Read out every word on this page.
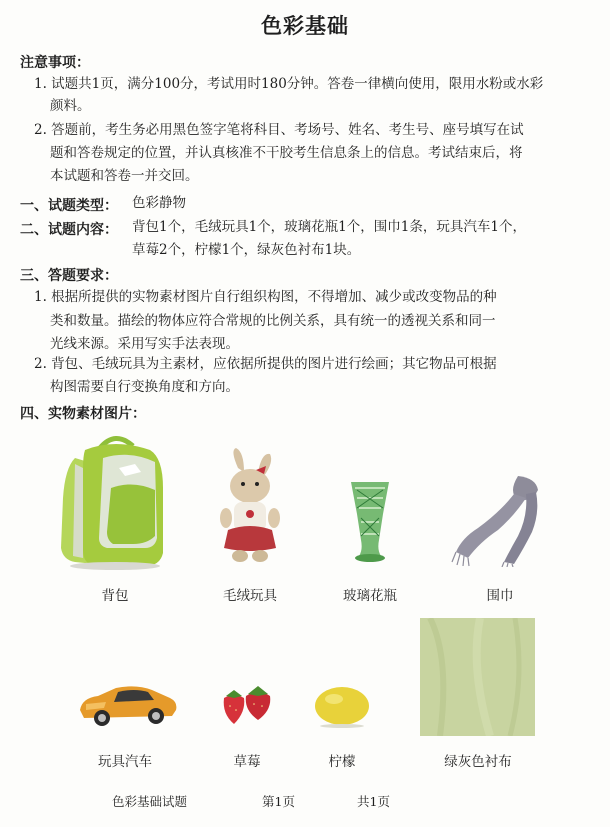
色彩基础
注意事项：
1. 试题共1页，满分100分，考试用时180分钟。答卷一律横向使用，限用水粉或水彩
颜料。
2. 答题前，考生务必用黑色签字笔将科目、考场号、姓名、考生号、座号填写在试
题和答卷规定的位置，并认真核准不干胶考生信息条上的信息。考试结束后，将
本试题和答卷一并交回。
一、试题类型： 色彩静物
二、试题内容： 背包1个，毛绒玩具1个，玻璃花瓶1个，围巾1条，玩具汽车1个，
草莓2个，柠檬1个，绿灰色衬布1块。
三、答题要求：
1. 根据所提供的实物素材图片自行组织构图，不得增加、减少或改变物品的种
类和数量。描绘的物体应符合常规的比例关系，具有统一的透视关系和同一
光线来源。采用写实手法表现。
2. 背包、毛绒玩具为主素材，应依据所提供的图片进行绘画；其它物品可根据
构图需要自行变换角度和方向。
四、实物素材图片：
背包	毛绒玩具	玻璃花瓶	围巾
玩具汽车	草莓	柠檬	绿灰色衬布
色彩基础试题	第1页	共1页
